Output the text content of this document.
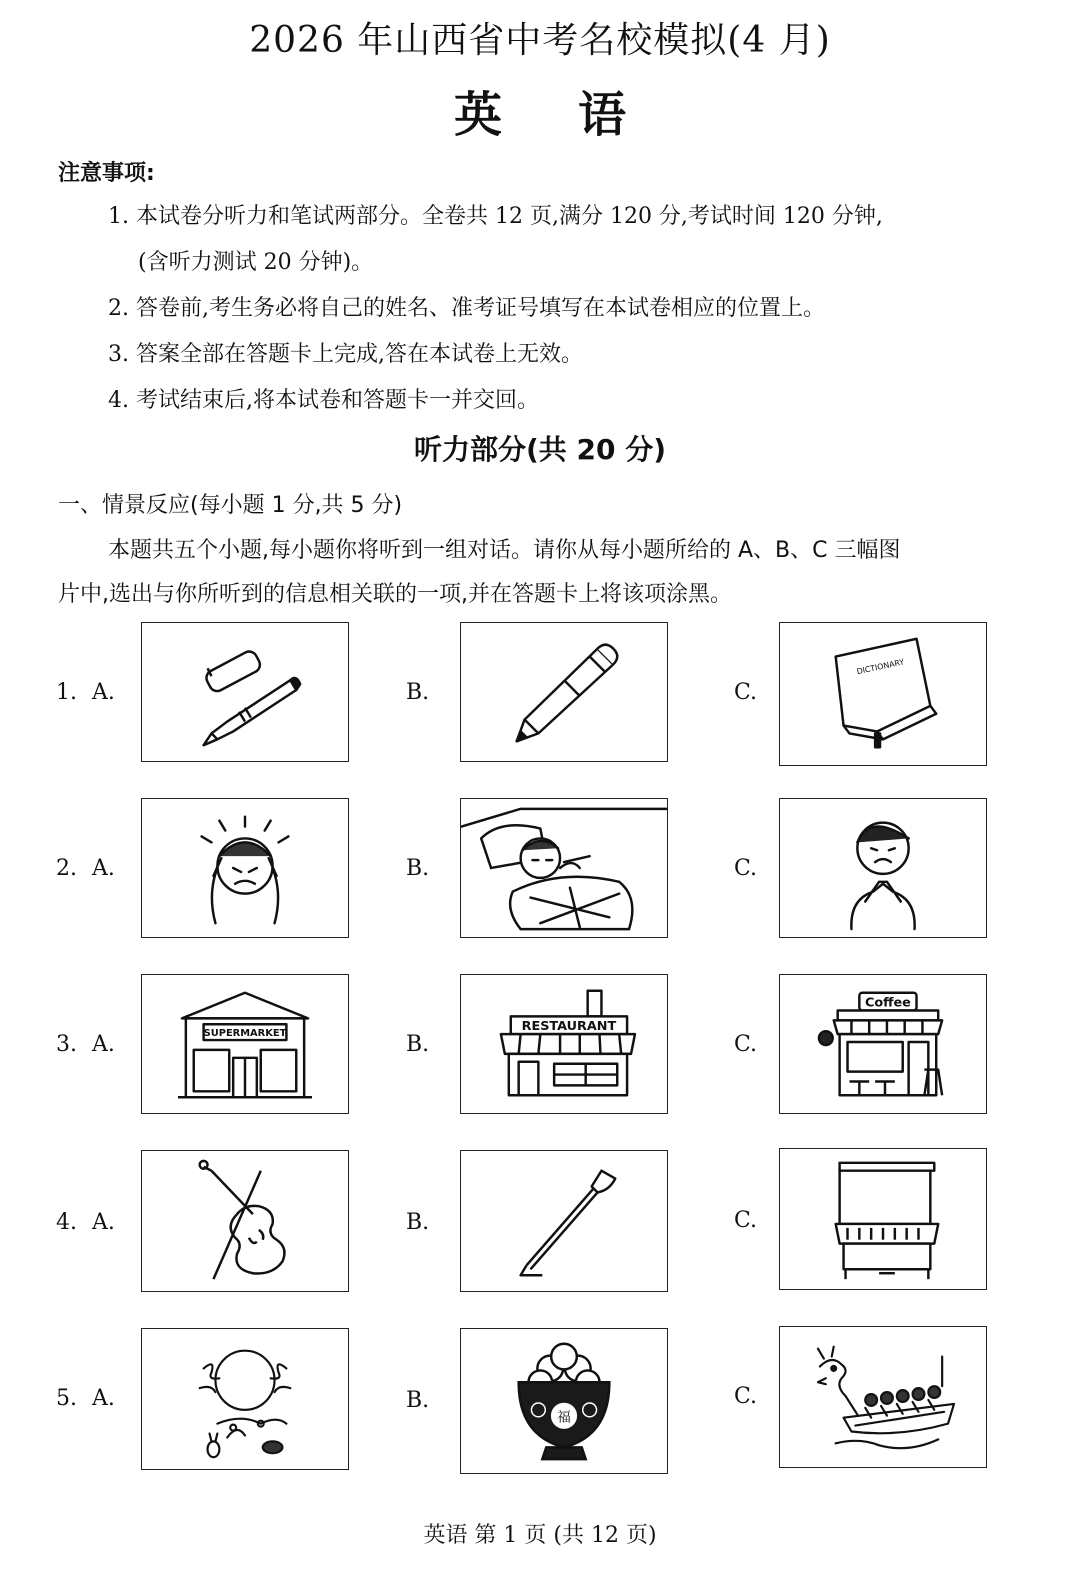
2026 年山西省中考名校模拟(4 月)
英 语
注意事项:
1. 本试卷分听力和笔试两部分。全卷共 12 页,满分 120 分,考试时间 120 分钟,
(含听力测试 20 分钟)。
2. 答卷前,考生务必将自己的姓名、准考证号填写在本试卷相应的位置上。
3. 答案全部在答题卡上完成,答在本试卷上无效。
4. 考试结束后,将本试卷和答题卡一并交回。
听力部分(共 20 分)
一、情景反应(每小题 1 分,共 5 分)
本题共五个小题,每小题你将听到一组对话。请你从每小题所给的 A、B、C 三幅图
片中,选出与你所听到的信息相关联的一项,并在答题卡上将该项涂黑。
1. A.	B.	C.
DICTIONARY
2. A.	B.	C.
3. A.	B.	C.
SUPERMARKET	RESTAURANT
Coffee
4. A.	B.	C.
5. A.	B.	C.
福
英语 第 1 页 (共 12 页)
